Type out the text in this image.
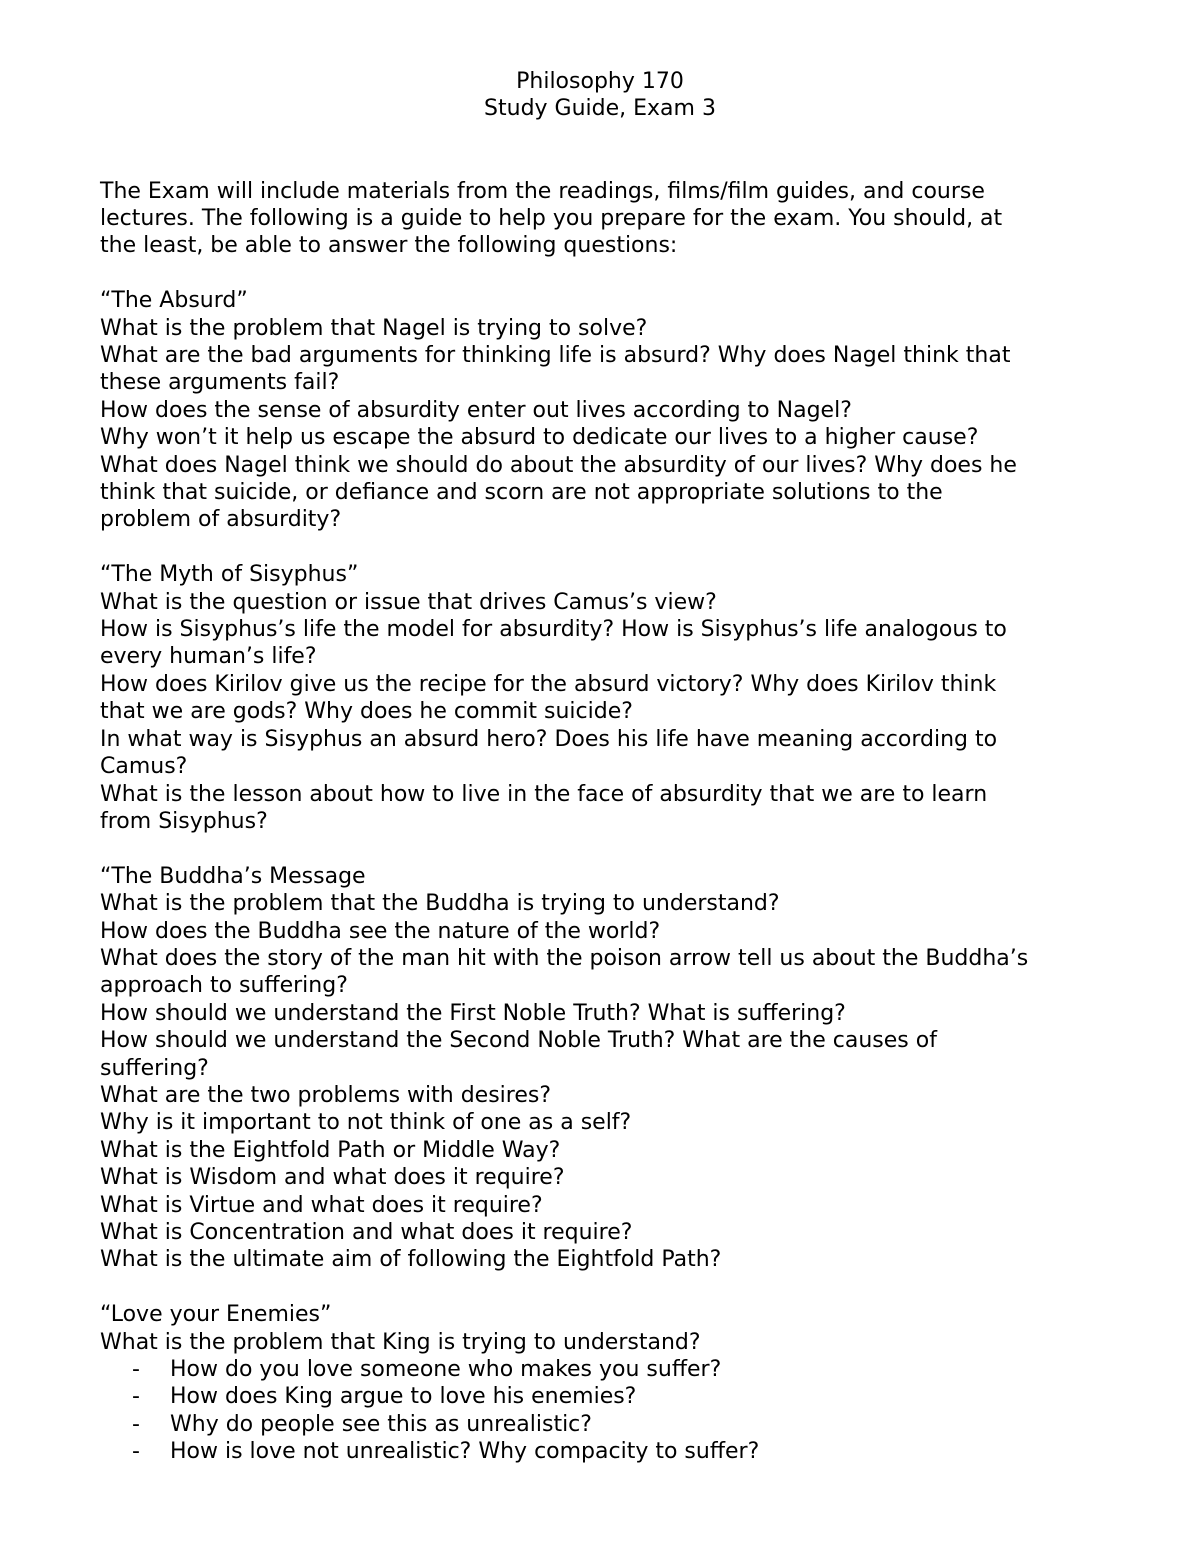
Philosophy 170
Study Guide, Exam 3
The Exam will include materials from the readings, films/film guides, and course
lectures. The following is a guide to help you prepare for the exam. You should, at
the least, be able to answer the following questions:
“The Absurd”
What is the problem that Nagel is trying to solve?
What are the bad arguments for thinking life is absurd? Why does Nagel think that
these arguments fail?
How does the sense of absurdity enter out lives according to Nagel?
Why won’t it help us escape the absurd to dedicate our lives to a higher cause?
What does Nagel think we should do about the absurdity of our lives? Why does he
think that suicide, or defiance and scorn are not appropriate solutions to the
problem of absurdity?
“The Myth of Sisyphus”
What is the question or issue that drives Camus’s view?
How is Sisyphus’s life the model for absurdity? How is Sisyphus’s life analogous to
every human’s life?
How does Kirilov give us the recipe for the absurd victory? Why does Kirilov think
that we are gods? Why does he commit suicide?
In what way is Sisyphus an absurd hero? Does his life have meaning according to
Camus?
What is the lesson about how to live in the face of absurdity that we are to learn
from Sisyphus?
“The Buddha’s Message
What is the problem that the Buddha is trying to understand?
How does the Buddha see the nature of the world?
What does the story of the man hit with the poison arrow tell us about the Buddha’s
approach to suffering?
How should we understand the First Noble Truth? What is suffering?
How should we understand the Second Noble Truth? What are the causes of
suffering?
What are the two problems with desires?
Why is it important to not think of one as a self?
What is the Eightfold Path or Middle Way?
What is Wisdom and what does it require?
What is Virtue and what does it require?
What is Concentration and what does it require?
What is the ultimate aim of following the Eightfold Path?
“Love your Enemies”
What is the problem that King is trying to understand?
- How do you love someone who makes you suffer?
- How does King argue to love his enemies?
- Why do people see this as unrealistic?
- How is love not unrealistic? Why compacity to suffer?
